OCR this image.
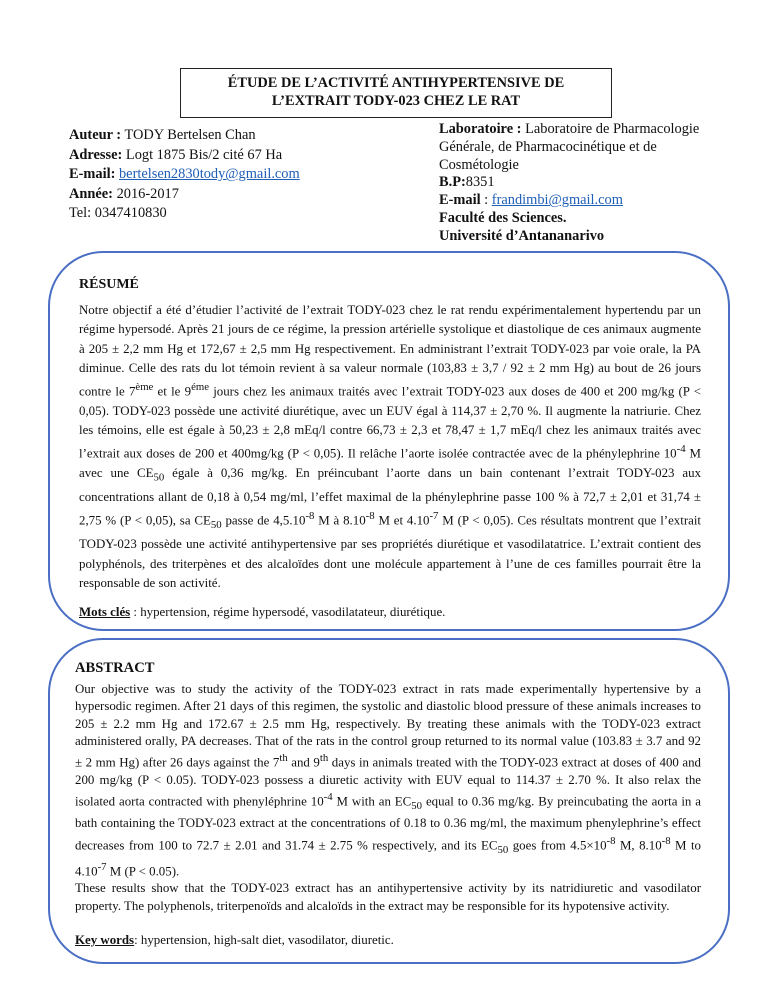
ÉTUDE DE L’ACTIVITÉ ANTIHYPERTENSIVE DE
L’EXTRAIT TODY-023 CHEZ LE RAT
Auteur : TODY Bertelsen Chan
Adresse: Logt 1875 Bis/2 cité 67 Ha
E-mail: bertelsen2830tody@gmail.com
Année: 2016-2017
Tel: 0347410830
Laboratoire : Laboratoire de Pharmacologie Générale, de Pharmacocinétique et de Cosmétologie
B.P:8351
E-mail : frandimbi@gmail.com
Faculté des Sciences.
Université d’Antananarivo
RÉSUMÉ

Notre objectif a été d’étudier l’activité de l’extrait TODY-023 chez le rat rendu expérimentalement hypertendu par un régime hypersodé. Après 21 jours de ce régime, la pression artérielle systolique et diastolique de ces animaux augmente à 205 ± 2,2 mm Hg et 172,67 ± 2,5 mm Hg respectivement. En administrant l’extrait TODY-023 par voie orale, la PA diminue. Celle des rats du lot témoin revient à sa valeur normale (103,83 ± 3,7 / 92 ± 2 mm Hg) au bout de 26 jours contre le 7ème et le $9^{éme}$ jours chez les animaux traités avec l’extrait TODY-023 aux doses de 400 et 200 mg/kg (P < 0,05). TODY-023 possède une activité diurétique, avec un EUV égal à 114,37 ± 2,70 %. Il augmente la natriurie. Chez les témoins, elle est égale à 50,23 ± 2,8 mEq/l contre 66,73 ± 2,3 et 78,47 ± 1,7 mEq/l chez les animaux traités avec l’extrait aux doses de 200 et 400mg/kg (P < 0,05). Il relâche l’aorte isolée contractée avec de la phénylephrine $10^{-4}$ M avec une $CE_{50}$ égale à 0,36 mg/kg. En préincubant l’aorte dans un bain contenant l’extrait TODY-023 aux concentrations allant de 0,18 à 0,54 mg/ml, l’effet maximal de la phénylephrine passe 100 % à 72,7 ± 2,01 et 31,74 ± 2,75 % (P < 0,05), sa $CE_{50}$ passe de $4,5.10^{-8}$ M à $8.10^{-8}$ M et $4.10^{-7}$ M (P < 0,05). Ces résultats montrent que l’extrait TODY-023 possède une activité antihypertensive par ses propriétés diurétique et vasodilatatrice. L’extrait contient des polyphénols, des triterpènes et des alcaloïdes dont une molécule appartement à l’une de ces familles pourrait être la responsable de son activité.

Mots clés : hypertension, régime hypersodé, vasodilatateur, diurétique.

ABSTRACT

Our objective was to study the activity of the TODY-023 extract in rats made experimentally hypertensive by a hypersodic regimen. After 21 days of this regimen, the systolic and diastolic blood pressure of these animals increases to 205 ± 2.2 mm Hg and 172.67 ± 2.5 mm Hg, respectively. By treating these animals with the TODY-023 extract administered orally, PA decreases. That of the rats in the control group returned to its normal value (103.83 ± 3.7 and 92 ± 2 mm Hg) after 26 days against the 7th and 9th days in animals treated with the TODY-023 extract at doses of 400 and 200 mg/kg (P < 0.05). TODY-023 possess a diuretic activity with EUV equal to 114.37 ± 2.70 %. It also relax the isolated aorta contracted with phenyléphrine $10^{-4}$ M with an $EC_{50}$ equal to 0.36 mg/kg. By preincubating the aorta in a bath containing the TODY-023 extract at the concentrations of 0.18 to 0.36 mg/ml, the maximum phenylephrine’s effect decreases from 100 to 72.7 ± 2.01 and 31.74 ± 2.75 % respectively, and its $EC_{50}$ goes from $4.5\times 10^{-8}$ M, $8.10^{-8}$ M to $4.10^{-7}$ M (P < 0.05).

These results show that the TODY-023 extract has an antihypertensive activity by its natridiuretic and vasodilator property. The polyphenols, triterpenoïds and alcaloïds in the extract may be responsible for its hypotensive activity.

Key words: hypertension, high-salt diet, vasodilator, diuretic.
